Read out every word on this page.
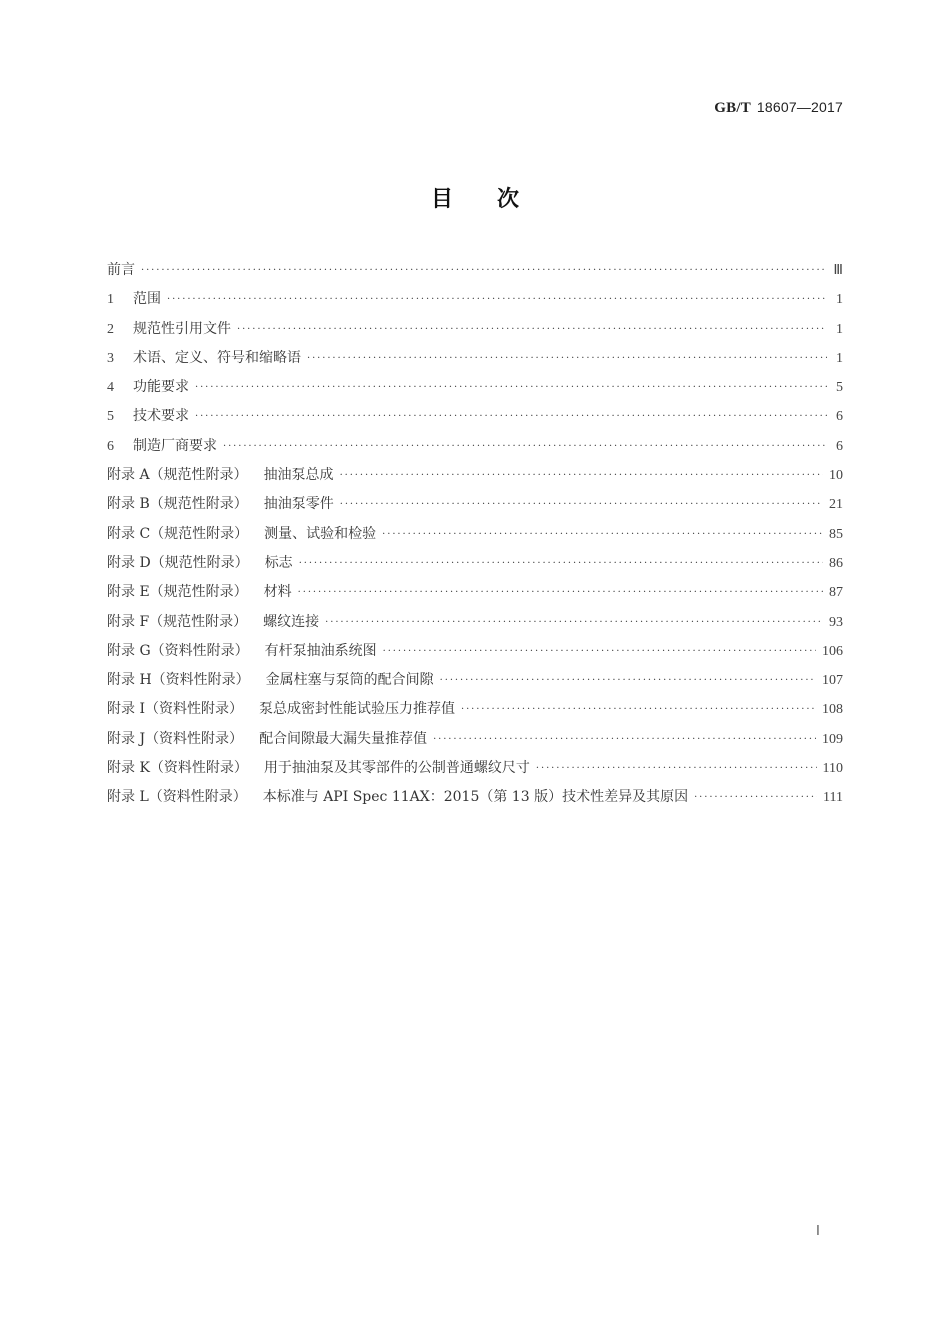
GB/T 18607—2017
目 次
前言 ·····	Ⅲ
1	范围 ·····	1
2	规范性引用文件 ·····	1
3	术语、定义、符号和缩略语 ·····	1
4	功能要求 ·····	5
5	技术要求 ·····	6
6	制造厂商要求 ·····	6
附录 A（规范性附录） 抽油泵总成 ·····	10
附录 B（规范性附录） 抽油泵零件 ·····	21
附录 C（规范性附录） 测量、试验和检验 ·····	85
附录 D（规范性附录） 标志 ·····	86
附录 E（规范性附录） 材料 ·····	87
附录 F（规范性附录） 螺纹连接 ·····	93
附录 G（资料性附录） 有杆泵抽油系统图 ·····	106
附录 H（资料性附录） 金属柱塞与泵筒的配合间隙 ·····	107
附录 I（资料性附录） 泵总成密封性能试验压力推荐值 ·····	108
附录 J（资料性附录） 配合间隙最大漏失量推荐值 ·····	109
附录 K（资料性附录） 用于抽油泵及其零部件的公制普通螺纹尺寸 ·····	110
附录 L（资料性附录） 本标准与 API Spec 11AX：2015（第 13 版）技术性差异及其原因 ·····	111
Ⅰ
